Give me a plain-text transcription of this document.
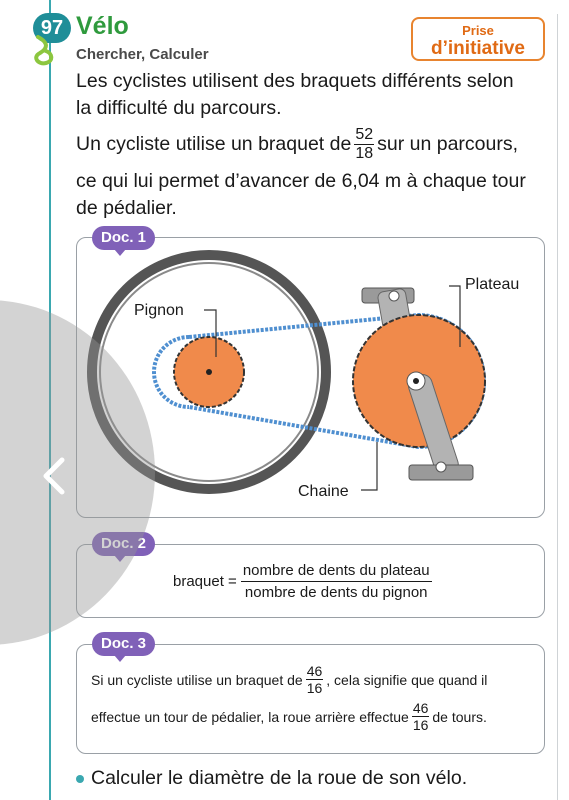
97 Vélo
Chercher, Calculer
Prise
d’initiative
Les cyclistes utilisent des braquets différents selon
la difficulté du parcours.
Un cycliste utilise un braquet de $\frac{52}{18}$ sur un parcours,
ce qui lui permet d’avancer de 6,04 m à chaque tour
de pédalier.
Doc. 1
Pignon
Plateau
Chaine
Doc. 2
braquet = $\frac{\text{nombre de dents du plateau}}{\text{nombre de dents du pignon}}$
Doc. 3
Si un cycliste utilise un braquet de $\frac{46}{16}$ , cela signifie que quand il
effectue un tour de pédalier, la roue arrière effectue $\frac{46}{16}$ de tours.
Calculer le diamètre de la roue de son vélo.
